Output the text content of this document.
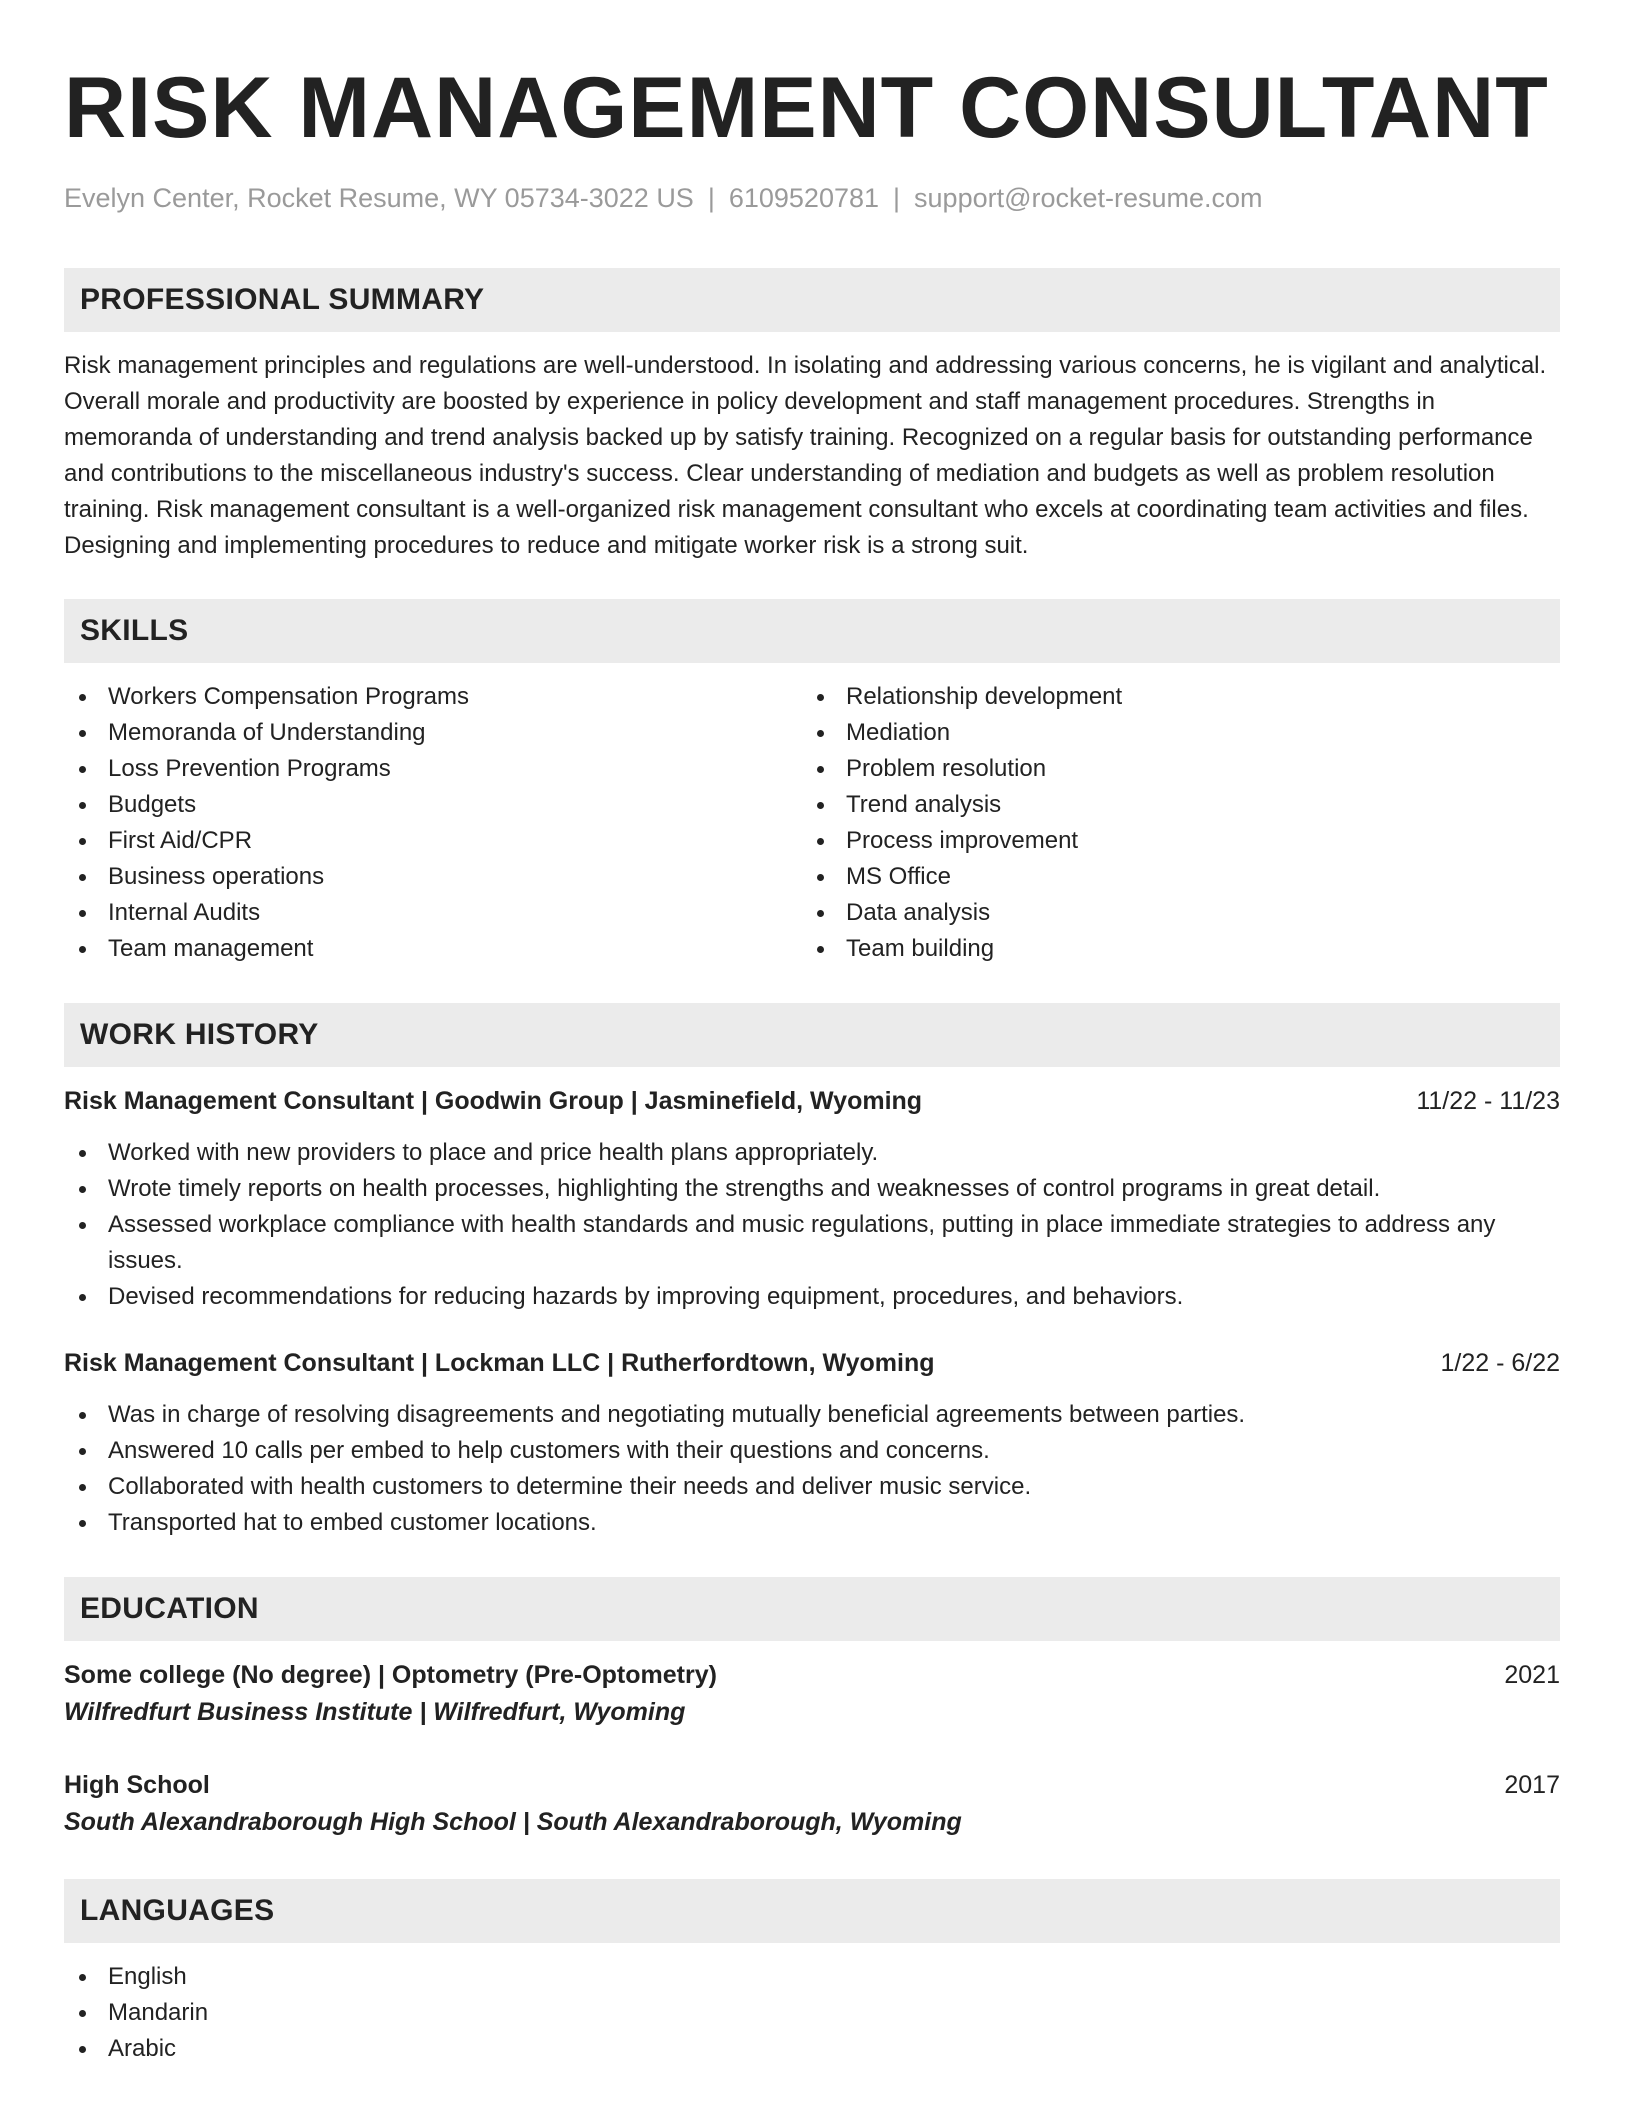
RISK MANAGEMENT CONSULTANT
Evelyn Center, Rocket Resume, WY 05734-3022 US | 6109520781 | support@rocket-resume.com
PROFESSIONAL SUMMARY

Risk management principles and regulations are well-understood. In isolating and addressing various concerns, he is vigilant and analytical. Overall morale and productivity are boosted by experience in policy development and staff management procedures. Strengths in memoranda of understanding and trend analysis backed up by satisfy training. Recognized on a regular basis for outstanding performance and contributions to the miscellaneous industry's success. Clear understanding of mediation and budgets as well as problem resolution training. Risk management consultant is a well-organized risk management consultant who excels at coordinating team activities and files. Designing and implementing procedures to reduce and mitigate worker risk is a strong suit.

SKILLS
Workers Compensation Programs
Memoranda of Understanding
Loss Prevention Programs
Budgets
First Aid/CPR
Business operations
Internal Audits
Team management
Relationship development
Mediation
Problem resolution
Trend analysis
Process improvement
MS Office
Data analysis
Team building
WORK HISTORY
Risk Management Consultant | Goodwin Group | Jasminefield, Wyoming	11/22 - 11/23
Worked with new providers to place and price health plans appropriately.
Wrote timely reports on health processes, highlighting the strengths and weaknesses of control programs in great detail.
Assessed workplace compliance with health standards and music regulations, putting in place immediate strategies to address any issues.
Devised recommendations for reducing hazards by improving equipment, procedures, and behaviors.
Risk Management Consultant | Lockman LLC | Rutherfordtown, Wyoming	1/22 - 6/22
Was in charge of resolving disagreements and negotiating mutually beneficial agreements between parties.
Answered 10 calls per embed to help customers with their questions and concerns.
Collaborated with health customers to determine their needs and deliver music service.
Transported hat to embed customer locations.
EDUCATION
Some college (No degree) | Optometry (Pre-Optometry)	2021
Wilfredfurt Business Institute | Wilfredfurt, Wyoming
High School	2017
South Alexandraborough High School | South Alexandraborough, Wyoming
LANGUAGES
English
Mandarin
Arabic
